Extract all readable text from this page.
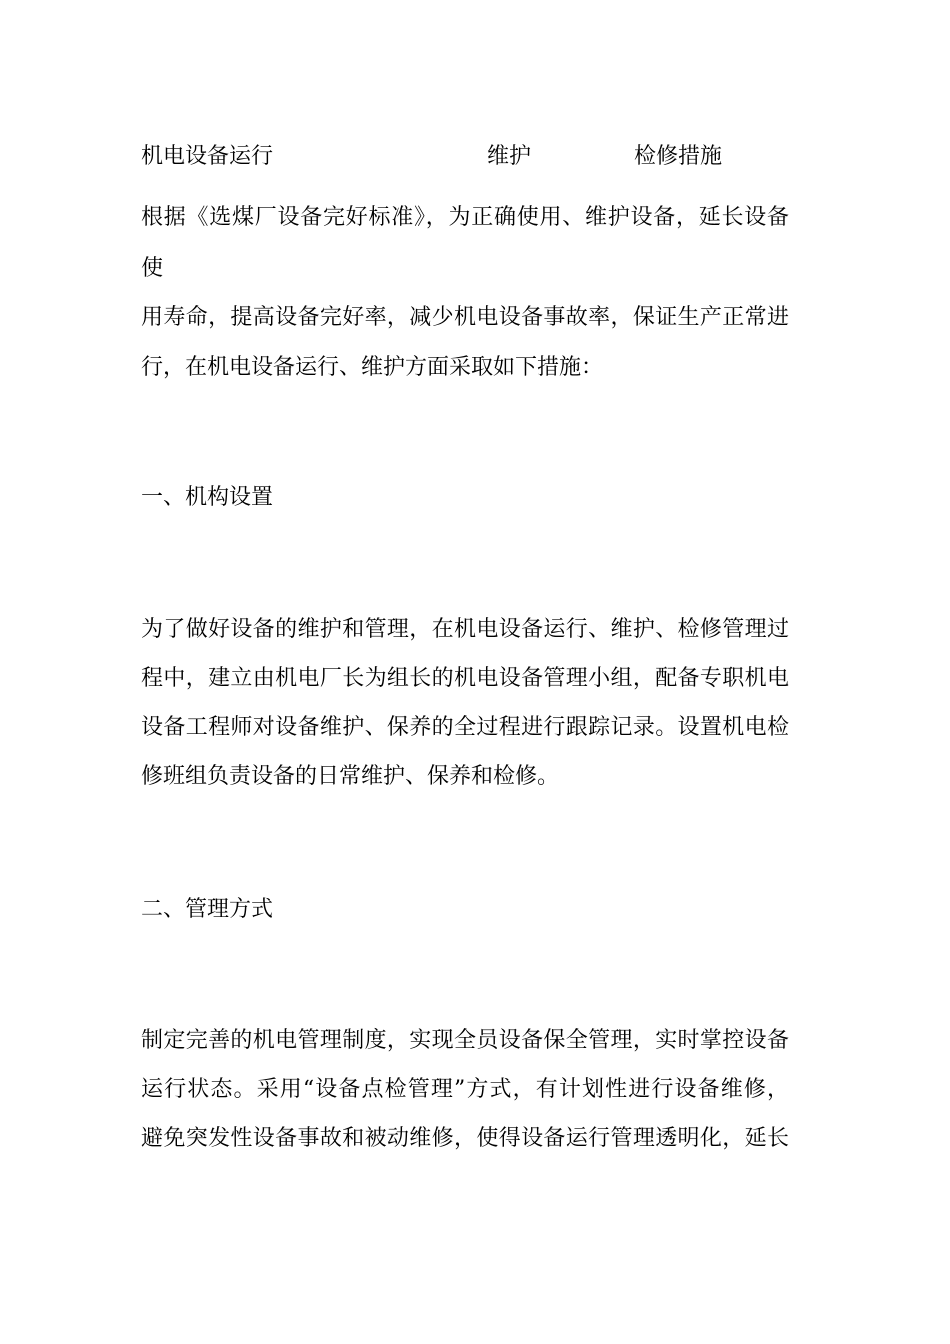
机电设备运行	维护	检修措施
根据《选煤厂设备完好标准》，为正确使用、维护设备，延长设备
使
用寿命，提高设备完好率，减少机电设备事故率，保证生产正常进
行，在机电设备运行、维护方面采取如下措施：
一、机构设置
为了做好设备的维护和管理，在机电设备运行、维护、检修管理过
程中，建立由机电厂长为组长的机电设备管理小组，配备专职机电
设备工程师对设备维护、保养的全过程进行跟踪记录。设置机电检
修班组负责设备的日常维护、保养和检修。
二、管理方式
制定完善的机电管理制度，实现全员设备保全管理，实时掌控设备
运行状态。采用“设备点检管理”方式，有计划性进行设备维修，
避免突发性设备事故和被动维修，使得设备运行管理透明化，延长
